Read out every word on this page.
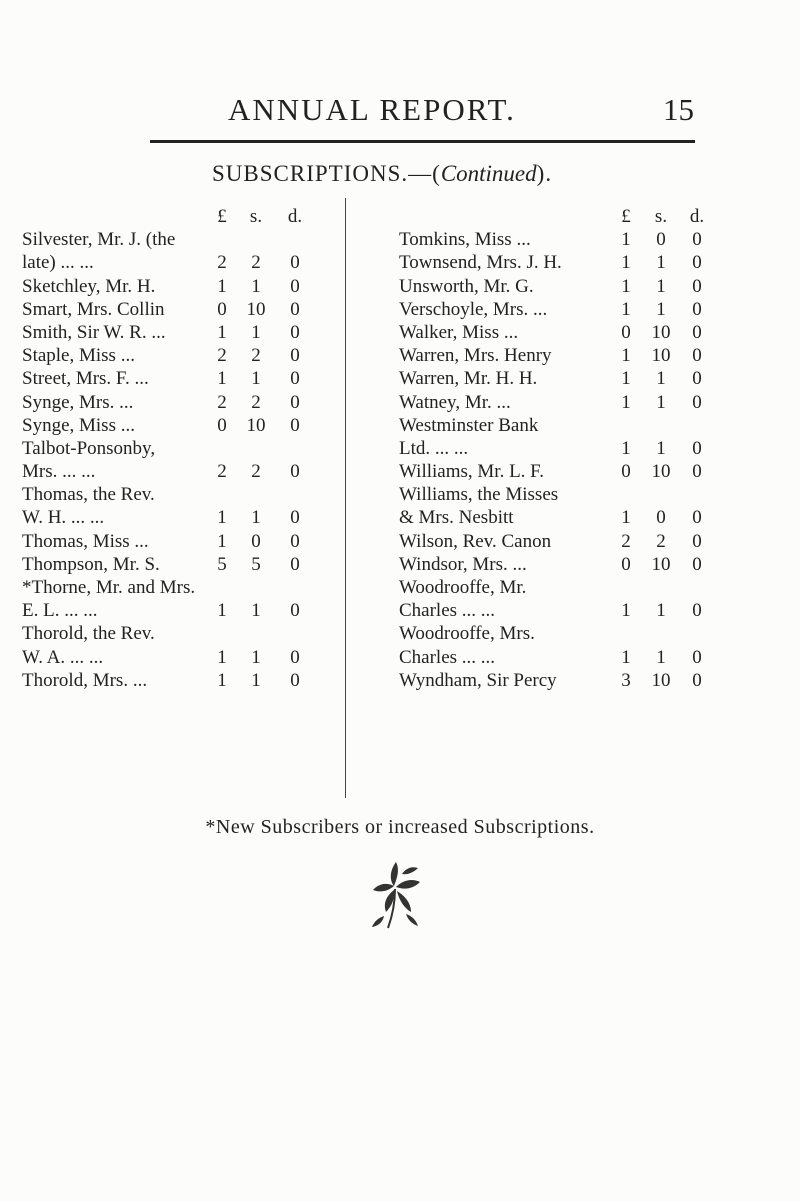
ANNUAL REPORT.	15
SUBSCRIPTIONS.—(Continued).
£	s.	d.
Silvester, Mr. J. (the
late) ... ...	2	2	0
Sketchley, Mr. H.	1	1	0
Smart, Mrs. Collin	0	10	0
Smith, Sir W. R. ...	1	1	0
Staple, Miss ...	2	2	0
Street, Mrs. F. ...	1	1	0
Synge, Mrs. ...	2	2	0
Synge, Miss ...	0	10	0
Talbot-Ponsonby,
Mrs. ... ...	2	2	0
Thomas, the Rev.
W. H. ... ...	1	1	0
Thomas, Miss ...	1	0	0
Thompson, Mr. S.	5	5	0
*Thorne, Mr. and Mrs.
E. L. ... ...	1	1	0
Thorold, the Rev.
W. A. ... ...	1	1	0
Thorold, Mrs. ...	1	1	0
£	s.	d.
Tomkins, Miss ...	1	0	0
Townsend, Mrs. J. H.	1	1	0
Unsworth, Mr. G.	1	1	0
Verschoyle, Mrs. ...	1	1	0
Walker, Miss ...	0	10	0
Warren, Mrs. Henry	1	10	0
Warren, Mr. H. H.	1	1	0
Watney, Mr. ...	1	1	0
Westminster Bank
Ltd. ... ...	1	1	0
Williams, Mr. L. F.	0	10	0
Williams, the Misses
& Mrs. Nesbitt	1	0	0
Wilson, Rev. Canon	2	2	0
Windsor, Mrs. ...	0	10	0
Woodrooffe, Mr.
Charles ... ...	1	1	0
Woodrooffe, Mrs.
Charles ... ...	1	1	0
Wyndham, Sir Percy	3	10	0
*New Subscribers or increased Subscriptions.
